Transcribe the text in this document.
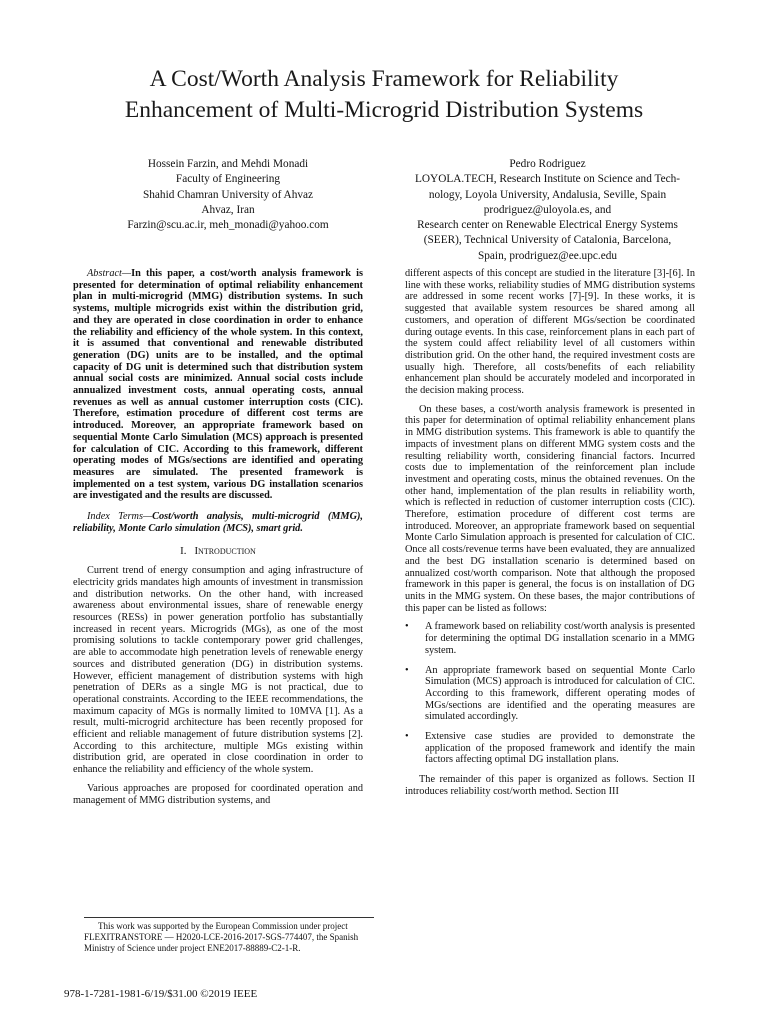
A Cost/Worth Analysis Framework for Reliability
Enhancement of Multi-Microgrid Distribution Systems
Hossein Farzin, and Mehdi Monadi
Faculty of Engineering
Shahid Chamran University of Ahvaz
Ahvaz, Iran
Farzin@scu.ac.ir, meh_monadi@yahoo.com
Pedro Rodriguez
LOYOLA.TECH, Research Institute on Science and Tech-
nology, Loyola University, Andalusia, Seville, Spain
prodriguez@uloyola.es, and
Research center on Renewable Electrical Energy Systems
(SEER), Technical University of Catalonia, Barcelona,
Spain, prodriguez@ee.upc.edu

Abstract—In this paper, a cost/worth analysis framework is presented for determination of optimal reliability enhancement plan in multi-microgrid (MMG) distribution systems. In such systems, multiple microgrids exist within the distribution grid, and they are operated in close coordination in order to enhance the reliability and efficiency of the whole system. In this context, it is assumed that conventional and renewable distributed generation (DG) units are to be installed, and the optimal capacity of DG unit is determined such that distribution system annual social costs are minimized. Annual social costs include annualized investment costs, annual operating costs, annual revenues as well as annual customer interruption costs (CIC). Therefore, estimation procedure of different cost terms are introduced. Moreover, an appropriate framework based on sequential Monte Carlo Simulation (MCS) approach is presented for calculation of CIC. According to this framework, different operating modes of MGs/sections are identified and operating measures are simulated. The presented framework is implemented on a test system, various DG installation scenarios are investigated and the results are discussed.

Index Terms—Cost/worth analysis, multi-microgrid (MMG), reliability, Monte Carlo simulation (MCS), smart grid.

I. Introduction

Current trend of energy consumption and aging infrastructure of electricity grids mandates high amounts of investment in transmission and distribution networks. On the other hand, with increased awareness about environmental issues, share of renewable energy resources (RESs) in power generation portfolio has substantially increased in recent years. Microgrids (MGs), as one of the most promising solutions to tackle contemporary power grid challenges, are able to accommodate high penetration levels of renewable energy sources and distributed generation (DG) in distribution systems. However, efficient management of distribution systems with high penetration of DERs as a single MG is not practical, due to operational constraints. According to the IEEE recommendations, the maximum capacity of MGs is normally limited to 10MVA [1]. As a result, multi-microgrid architecture has been recently proposed for efficient and reliable management of future distribution systems [2]. According to this architecture, multiple MGs existing within distribution grid, are operated in close coordination in order to enhance the reliability and efficiency of the whole system.

Various approaches are proposed for coordinated operation and management of MMG distribution systems, and

different aspects of this concept are studied in the literature [3]-[6]. In line with these works, reliability studies of MMG distribution systems are addressed in some recent works [7]-[9]. In these works, it is suggested that available system resources be shared among all customers, and operation of different MGs/section be coordinated during outage events. In this case, reinforcement plans in each part of the system could affect reliability level of all customers within distribution grid. On the other hand, the required investment costs are usually high. Therefore, all costs/benefits of each reliability enhancement plan should be accurately modeled and incorporated in the decision making process.

On these bases, a cost/worth analysis framework is presented in this paper for determination of optimal reliability enhancement plans in MMG distribution systems. This framework is able to quantify the impacts of investment plans on different MMG system costs and the resulting reliability worth, considering financial factors. Incurred costs due to implementation of the reinforcement plan include investment and operating costs, minus the obtained revenues. On the other hand, implementation of the plan results in reliability worth, which is reflected in reduction of customer interruption costs (CIC). Therefore, estimation procedure of different cost terms are introduced. Moreover, an appropriate framework based on sequential Monte Carlo Simulation approach is presented for calculation of CIC. Once all costs/revenue terms have been evaluated, they are annualized and the best DG installation scenario is determined based on annualized cost/worth comparison. Note that although the proposed framework in this paper is general, the focus is on installation of DG units in the MMG system. On these bases, the major contributions of this paper can be listed as follows:

• A framework based on reliability cost/worth analysis is presented for determining the optimal DG installation scenario in a MMG system.
• An appropriate framework based on sequential Monte Carlo Simulation (MCS) approach is introduced for calculation of CIC. According to this framework, different operating modes of MGs/sections are identified and the operating measures are simulated accordingly.
• Extensive case studies are provided to demonstrate the application of the proposed framework and identify the main factors affecting optimal DG installation plans.

The remainder of this paper is organized as follows. Section II introduces reliability cost/worth method. Section III

This work was supported by the European Commission under project FLEXITRANSTORE — H2020-LCE-2016-2017-SGS-774407, the Spanish Ministry of Science under project ENE2017-88889-C2-1-R.

978-1-7281-1981-6/19/$31.00 ©2019 IEEE
